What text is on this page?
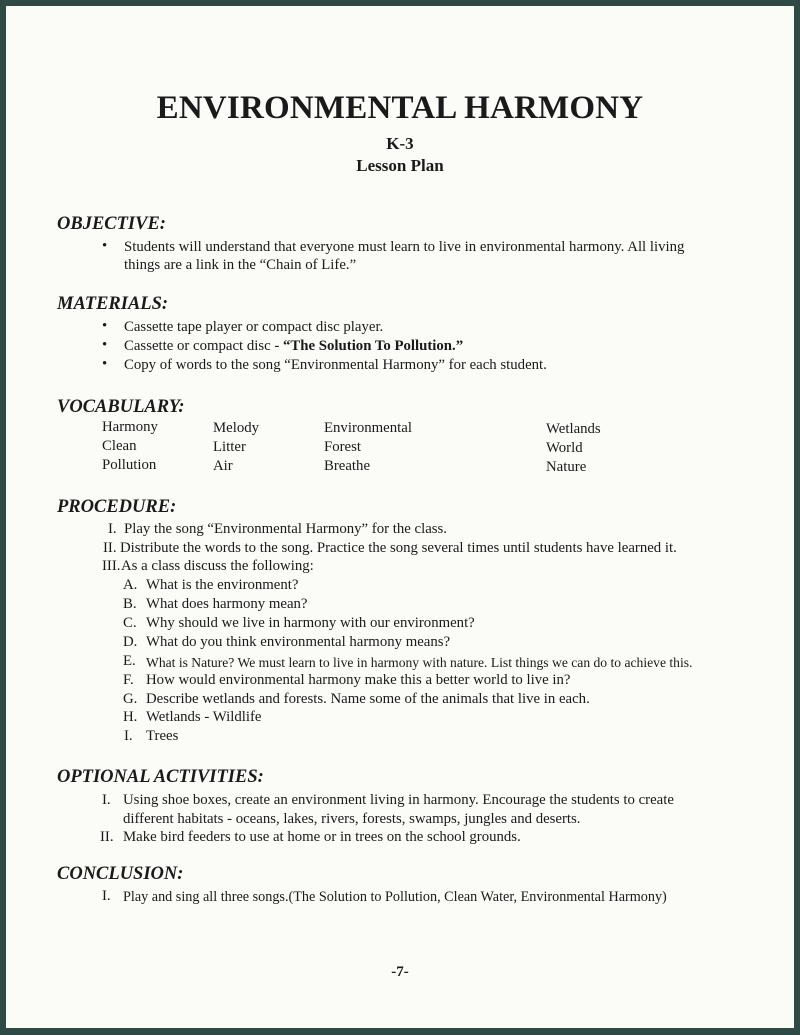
ENVIRONMENTAL HARMONY
K-3
Lesson Plan
OBJECTIVE:
• Students will understand that everyone must learn to live in environmental harmony. All living
things are a link in the “Chain of Life.”
MATERIALS:
• Cassette tape player or compact disc player.
• Cassette or compact disc - “The Solution To Pollution.”
• Copy of words to the song “Environmental Harmony” for each student.
VOCABULARY:
Harmony
Clean
Pollution
Melody
Litter
Air
Environmental
Forest
Breathe
Wetlands
World
Nature
PROCEDURE:
I. Play the song “Environmental Harmony” for the class.
II. Distribute the words to the song. Practice the song several times until students have learned it.
III. As a class discuss the following:
A. What is the environment?
B. What does harmony mean?
C. Why should we live in harmony with our environment?
D. What do you think environmental harmony means?
E. What is Nature? We must learn to live in harmony with nature. List things we can do to achieve this.
F. How would environmental harmony make this a better world to live in?
G. Describe wetlands and forests. Name some of the animals that live in each.
H. Wetlands - Wildlife
I. Trees
OPTIONAL ACTIVITIES:
I. Using shoe boxes, create an environment living in harmony. Encourage the students to create
different habitats - oceans, lakes, rivers, forests, swamps, jungles and deserts.
II. Make bird feeders to use at home or in trees on the school grounds.
CONCLUSION:
I. Play and sing all three songs.(The Solution to Pollution, Clean Water, Environmental Harmony)
-7-
